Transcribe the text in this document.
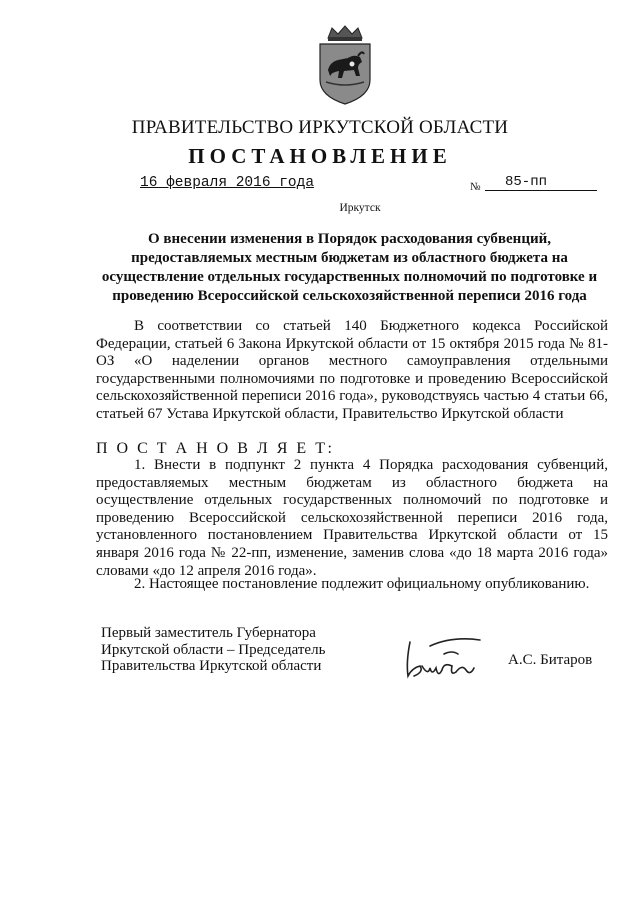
ПРАВИТЕЛЬСТВО ИРКУТСКОЙ ОБЛАСТИ
ПОСТАНОВЛЕНИЕ
16 февраля 2016 года	№	85-пп
Иркутск
О внесении изменения в Порядок расходования субвенций, предоставляемых местным бюджетам из областного бюджета на осуществление отдельных государственных полномочий по подготовке и проведению Всероссийской сельскохозяйственной переписи 2016 года
В соответствии со статьей 140 Бюджетного кодекса Российской Федерации, статьей 6 Закона Иркутской области от 15 октября 2015 года № 81-ОЗ «О наделении органов местного самоуправления отдельными государственными полномочиями по подготовке и проведению Всероссийской сельскохозяйственной переписи 2016 года», руководствуясь частью 4 статьи 66, статьей 67 Устава Иркутской области, Правительство Иркутской области
П О С Т А Н О В Л Я Е Т:
1. Внести в подпункт 2 пункта 4 Порядка расходования субвенций, предоставляемых местным бюджетам из областного бюджета на осуществление отдельных государственных полномочий по подготовке и проведению Всероссийской сельскохозяйственной переписи 2016 года, установленного постановлением Правительства Иркутской области от 15 января 2016 года № 22-пп, изменение, заменив слова «до 18 марта 2016 года» словами «до 12 апреля 2016 года».
2. Настоящее постановление подлежит официальному опубликованию.
Первый заместитель Губернатора
Иркутской области – Председатель
Правительства Иркутской области	А.С. Битаров
